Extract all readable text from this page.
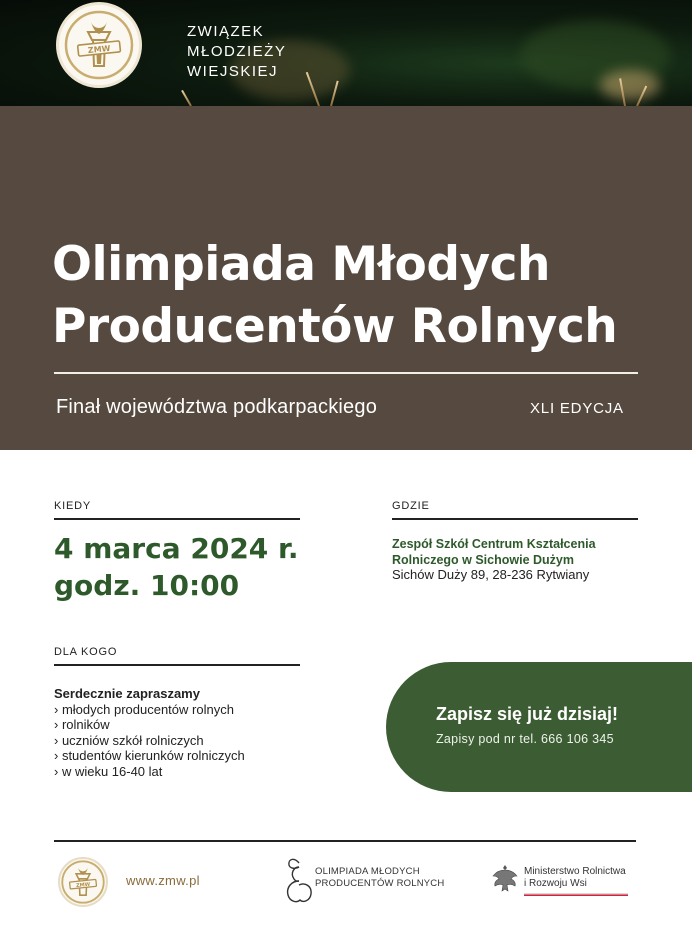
ZMW
ZWIĄZEK
MŁODZIEŻY
WIEJSKIEJ
Olimpiada Młodych
Producentów Rolnych
Finał województwa podkarpackiego	XLI EDYCJA
KIEDY
4 marca 2024 r.
godz. 10:00
GDZIE
Zespół Szkół Centrum Kształcenia
Rolniczego w Sichowie Dużym
Sichów Duży 89, 28-236 Rytwiany
DLA KOGO
Serdecznie zapraszamy
› młodych producentów rolnych
› rolników
› uczniów szkół rolniczych
› studentów kierunków rolniczych
› w wieku 16-40 lat
Zapisz się już dzisiaj!
Zapisy pod nr tel. 666 106 345
ZMW	www.zmw.pl
OLIMPIADA MŁODYCH
PRODUCENTÓW ROLNYCH
Ministerstwo Rolnictwa
i Rozwoju Wsi
